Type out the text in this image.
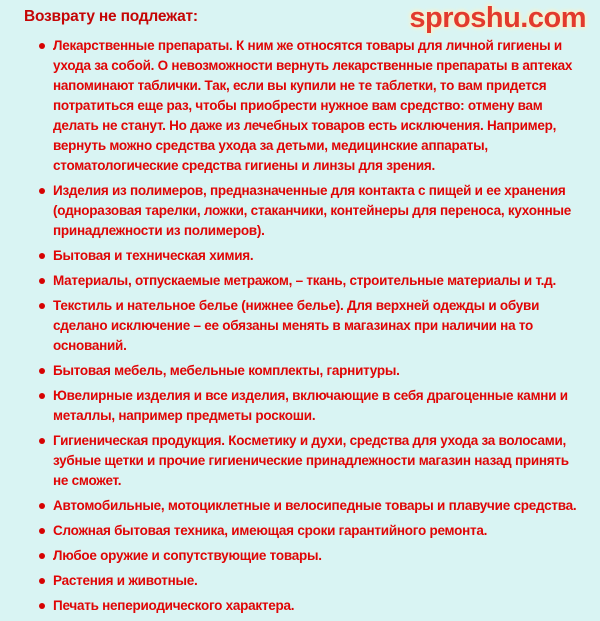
Возврату не подлежат:	sproshu.com
Лекарственные препараты. К ним же относятся товары для личной гигиены и ухода за собой. О невозможности вернуть лекарственные препараты в аптеках напоминают таблички. Так, если вы купили не те таблетки, то вам придется потратиться еще раз, чтобы приобрести нужное вам средство: отмену вам делать не станут. Но даже из лечебных товаров есть исключения. Например, вернуть можно средства ухода за детьми, медицинские аппараты, стоматологические средства гигиены и линзы для зрения.
Изделия из полимеров, предназначенные для контакта с пищей и ее хранения (одноразовая тарелки, ложки, стаканчики, контейнеры для переноса, кухонные принадлежности из полимеров).
Бытовая и техническая химия.
Материалы, отпускаемые метражом, – ткань, строительные материалы и т.д.
Текстиль и нательное белье (нижнее белье). Для верхней одежды и обуви сделано исключение – ее обязаны менять в магазинах при наличии на то оснований.
Бытовая мебель, мебельные комплекты, гарнитуры.
Ювелирные изделия и все изделия, включающие в себя драгоценные камни и металлы, например предметы роскоши.
Гигиеническая продукция. Косметику и духи, средства для ухода за волосами, зубные щетки и прочие гигиенические принадлежности магазин назад принять не сможет.
Автомобильные, мотоциклетные и велосипедные товары и плавучие средства.
Сложная бытовая техника, имеющая сроки гарантийного ремонта.
Любое оружие и сопутствующие товары.
Растения и животные.
Печать непериодического характера.
